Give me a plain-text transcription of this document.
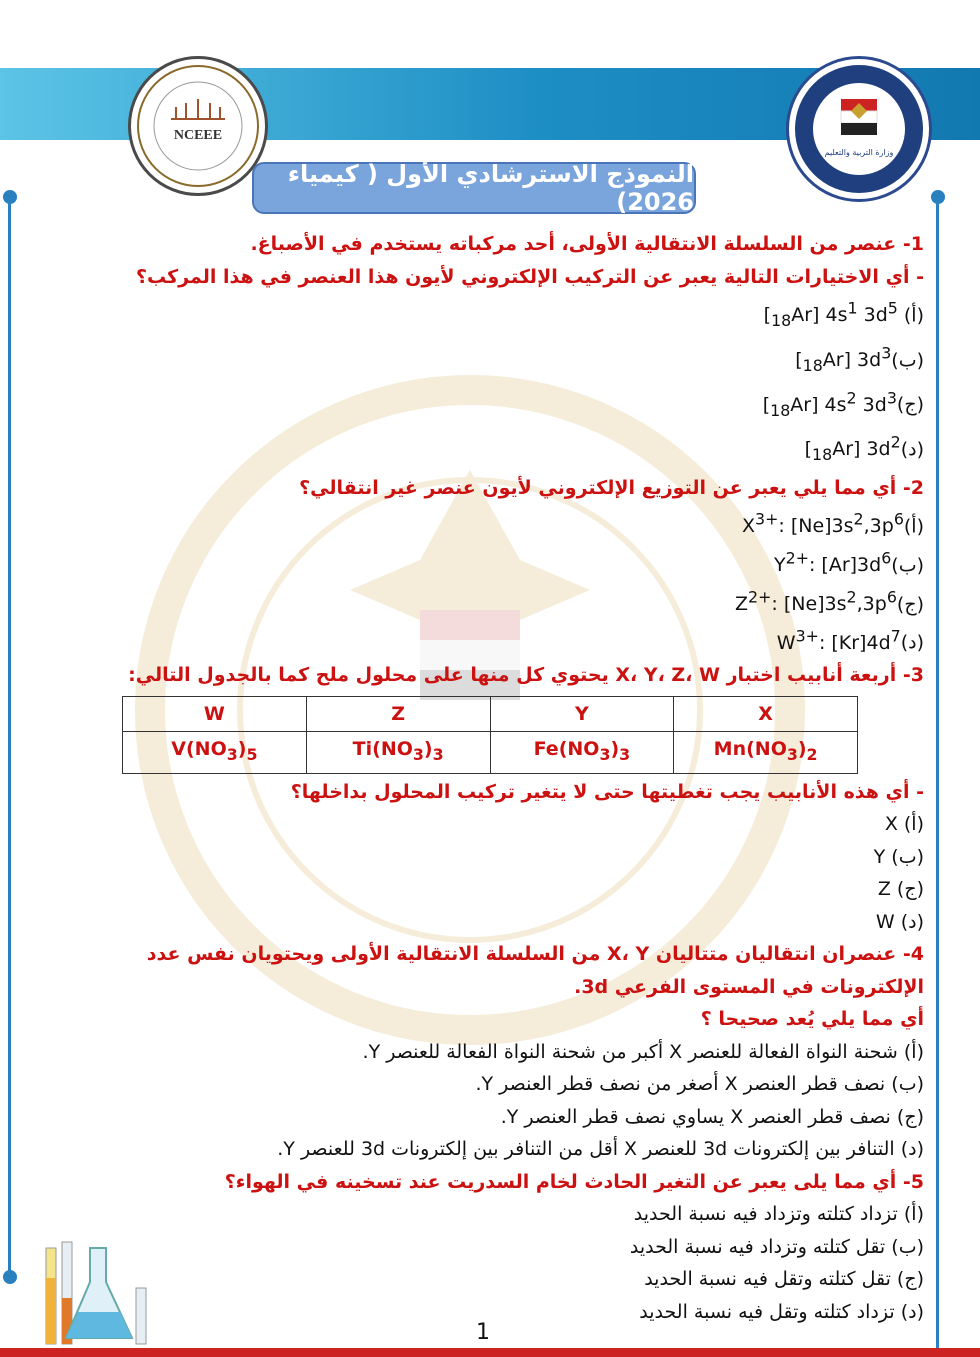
NCEEE
وزارة التربية والتعليم
النموذج الاسترشادي الأول ( كيمياء 2026)
1- عنصر من السلسلة الانتقالية الأولى، أحد مركباته يستخدم في الأصباغ.
- أي الاختيارات التالية يعبر عن التركيب الإلكتروني لأيون هذا العنصر في هذا المركب؟
(أ) $[_{18}Ar]$ $4s^1$ $3d^5$
$(ب)[_{18}Ar]$ $3d^3$
$(ج)[_{18}Ar]$ $4s^2$ $3d^3$
$(د)[_{18}Ar]$ $3d^2$
2- أي مما يلي يعبر عن التوزيع الإلكتروني لأيون عنصر غير انتقالي؟
$(أ)X^{3+}$: $[Ne]3s^2,3p^6$
$(ب)Y^{2+}$: $[Ar]3d^6$
$(ج)Z^{2+}$: $[Ne]3s^2,3p^6$
$(د)W^{3+}$: $[Kr]4d^7$
3- أربعة أنابيب اختبار X، Y، Z، W يحتوي كل منها على محلول ملح كما بالجدول التالي:
X	Y	Z	W
$Mn(NO_3)_2$	$Fe(NO_3)_3$	$Ti(NO_3)_3$	$V(NO_3)_5$
- أي هذه الأنابيب يجب تغطيتها حتى لا يتغير تركيب المحلول بداخلها؟
(أ) X
(ب) Y
(ج) Z
(د) W
4- عنصران انتقاليان متتاليان X، Y من السلسلة الانتقالية الأولى ويحتويان نفس عدد الإلكترونات في المستوى الفرعي 3d.
أي مما يلي يُعد صحيحا ؟
(أ) شحنة النواة الفعالة للعنصر X أكبر من شحنة النواة الفعالة للعنصر Y.
(ب) نصف قطر العنصر X أصغر من نصف قطر العنصر Y.
(ج) نصف قطر العنصر X يساوي نصف قطر العنصر Y.
(د) التنافر بين إلكترونات 3d للعنصر X أقل من التنافر بين إلكترونات 3d للعنصر Y.
5- أي مما يلى يعبر عن التغير الحادث لخام السدريت عند تسخينه في الهواء؟
(أ) تزداد كتلته وتزداد فيه نسبة الحديد
(ب) تقل كتلته وتزداد فيه نسبة الحديد
(ج) تقل كتلته وتقل فيه نسبة الحديد
(د) تزداد كتلته وتقل فيه نسبة الحديد
1
